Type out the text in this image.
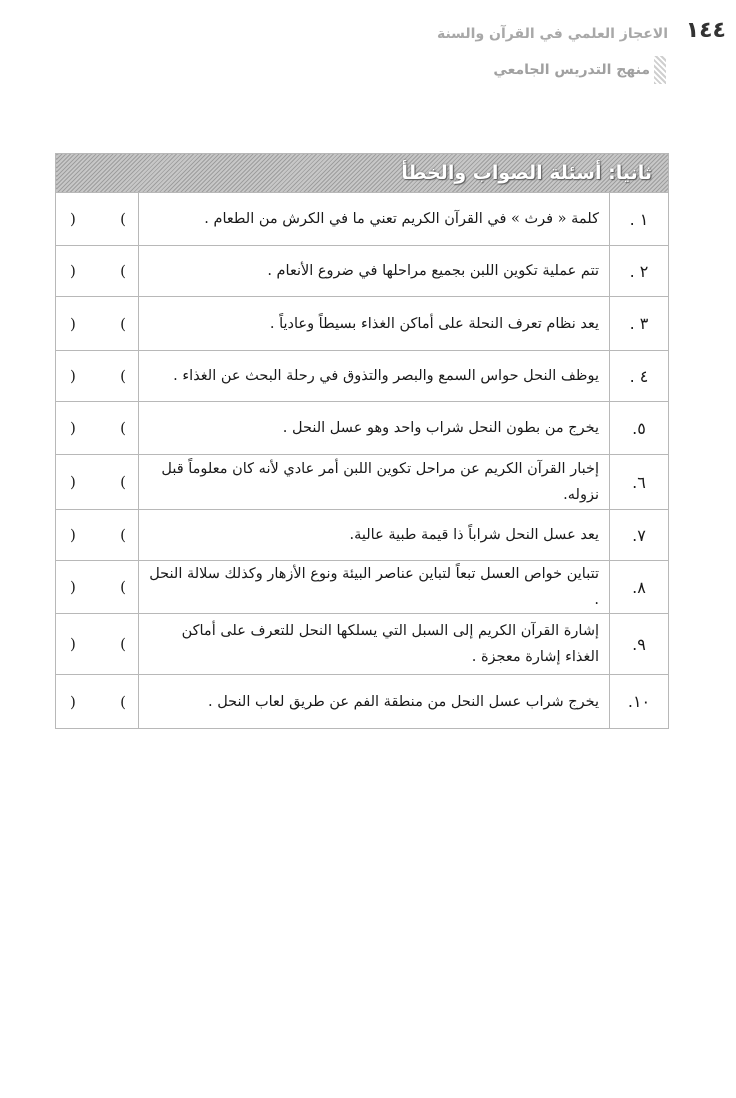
١٤٤
الاعجاز العلمي في القرآن والسنة
منهج التدريس الجامعي
ثانيا: أسئلة الصواب والخطأ		
١ .	كلمة « فرث » في القرآن الكريم تعني ما في الكرش من الطعام .	) (

٢ .	تتم عملية تكوين اللبن بجميع مراحلها في ضروع الأنعام .	) (

٣ .	يعد نظام تعرف النحلة على أماكن الغذاء بسيطاً وعادياً .	) (

٤ .	يوظف النحل حواس السمع والبصر والتذوق في رحلة البحث عن الغذاء .	) (

٥.	يخرج من بطون النحل شراب واحد وهو عسل النحل .	) (

٦.	إخبار القرآن الكريم عن مراحل تكوين اللبن أمر عادي لأنه كان معلوماً قبل نزوله.	) (

٧.	يعد عسل النحل شراباً ذا قيمة طبية عالية.	) (

٨.	تتباين خواص العسل تبعاً لتباين عناصر البيئة ونوع الأزهار وكذلك سلالة النحل .	) (

٩.	إشارة القرآن الكريم إلى السبل التي يسلكها النحل للتعرف على أماكن الغذاء إشارة معجزة .	) (

١٠.	يخرج شراب عسل النحل من منطقة الفم عن طريق لعاب النحل .	) (
